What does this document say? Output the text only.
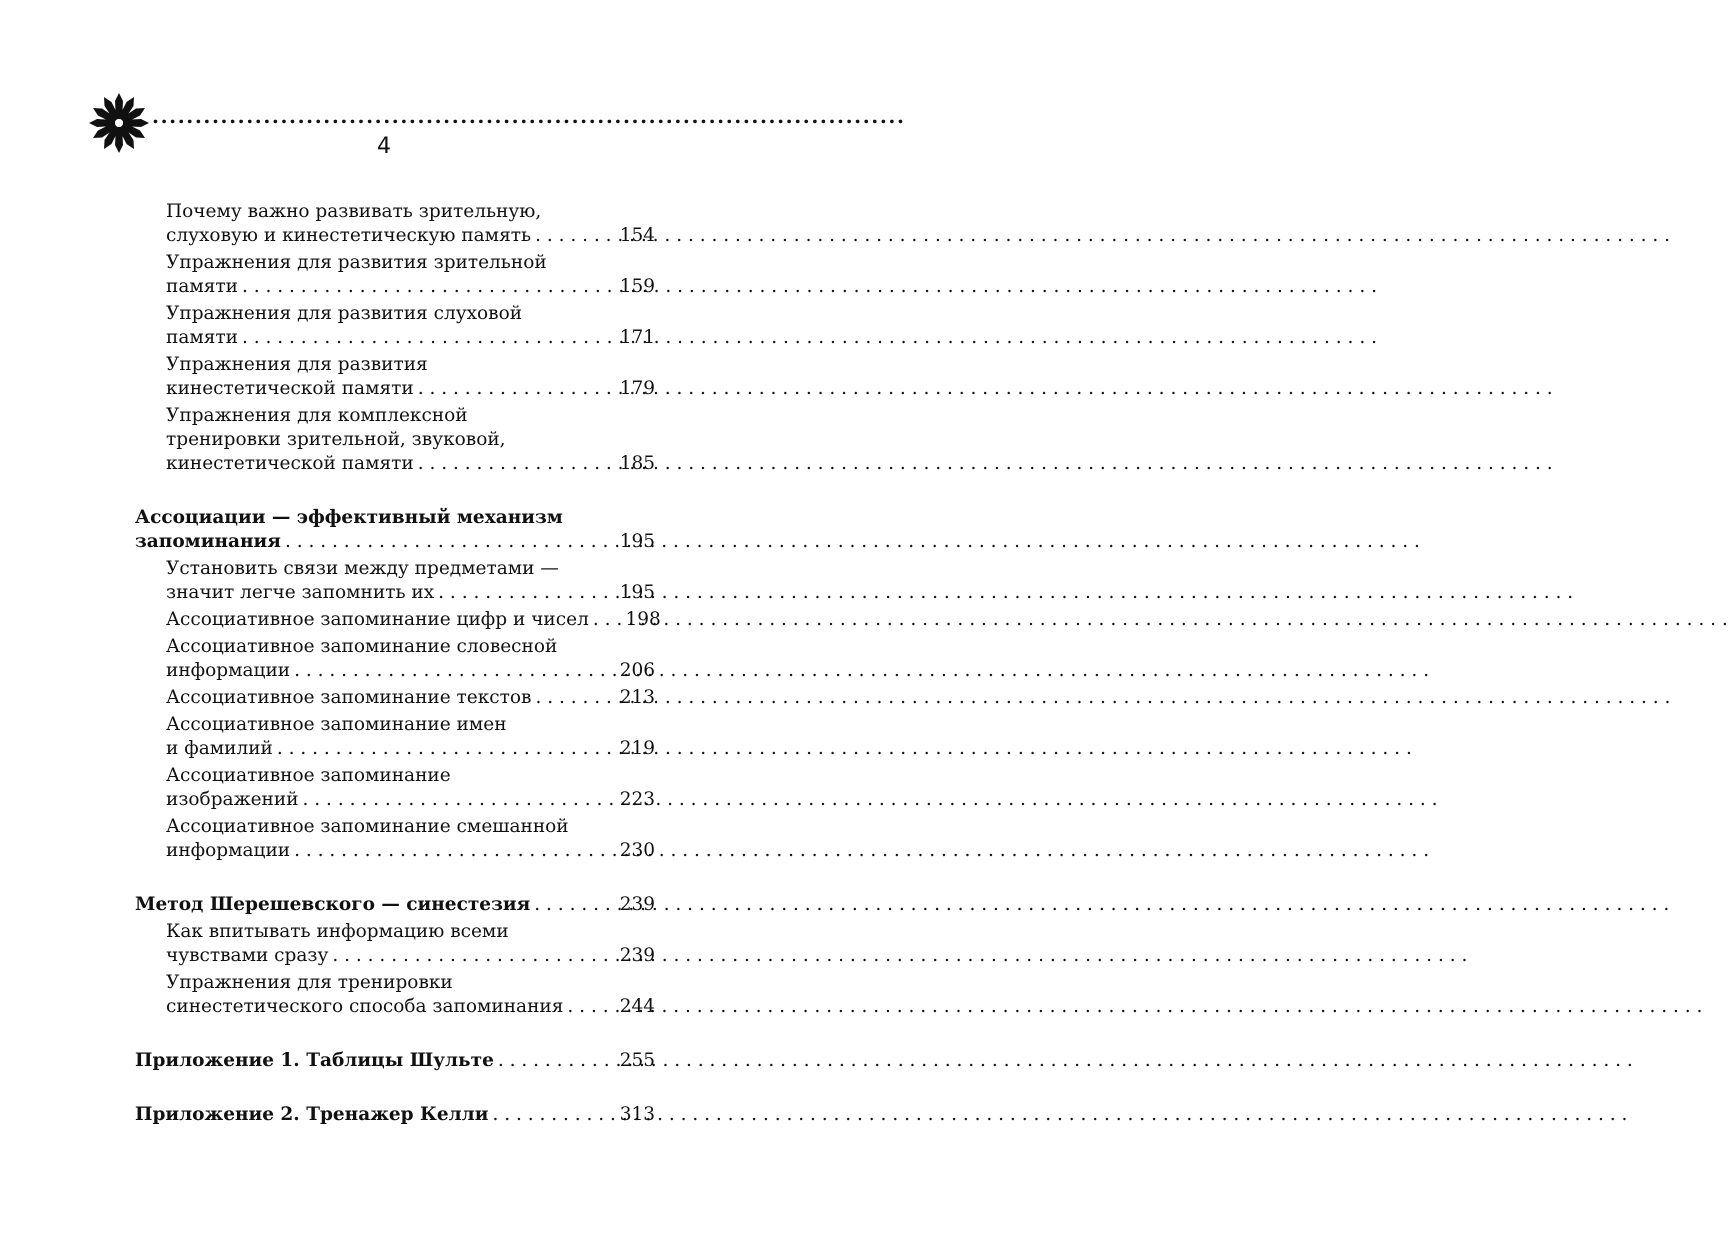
........................................................................................
4
Почему важно развивать зрительную,
слуховую и кинестетическую память . . .	154
Упражнения для развития зрительной
памяти . . .	159
Упражнения для развития слуховой
памяти . . .	171
Упражнения для развития
кинестетической памяти . . .	179
Упражнения для комплексной
тренировки зрительной, звуковой,
кинестетической памяти . . .	185
Ассоциации — эффективный механизм
запоминания . . .	195
Установить связи между предметами —
значит легче запомнить их . . .	195
Ассоциативное запоминание цифр и чисел . . .	198
Ассоциативное запоминание словесной
информации . . .	206
Ассоциативное запоминание текстов . . .	213
Ассоциативное запоминание имен
и фамилий . . .	219
Ассоциативное запоминание
изображений . . .	223
Ассоциативное запоминание смешанной
информации . . .	230
Метод Шерешевского — синестезия . . .	239
Как впитывать информацию всеми
чувствами сразу . . .	239
Упражнения для тренировки
синестетического способа запоминания . . .	244
Приложение 1. Таблицы Шульте . . .	255
Приложение 2. Тренажер Келли . . .	313
